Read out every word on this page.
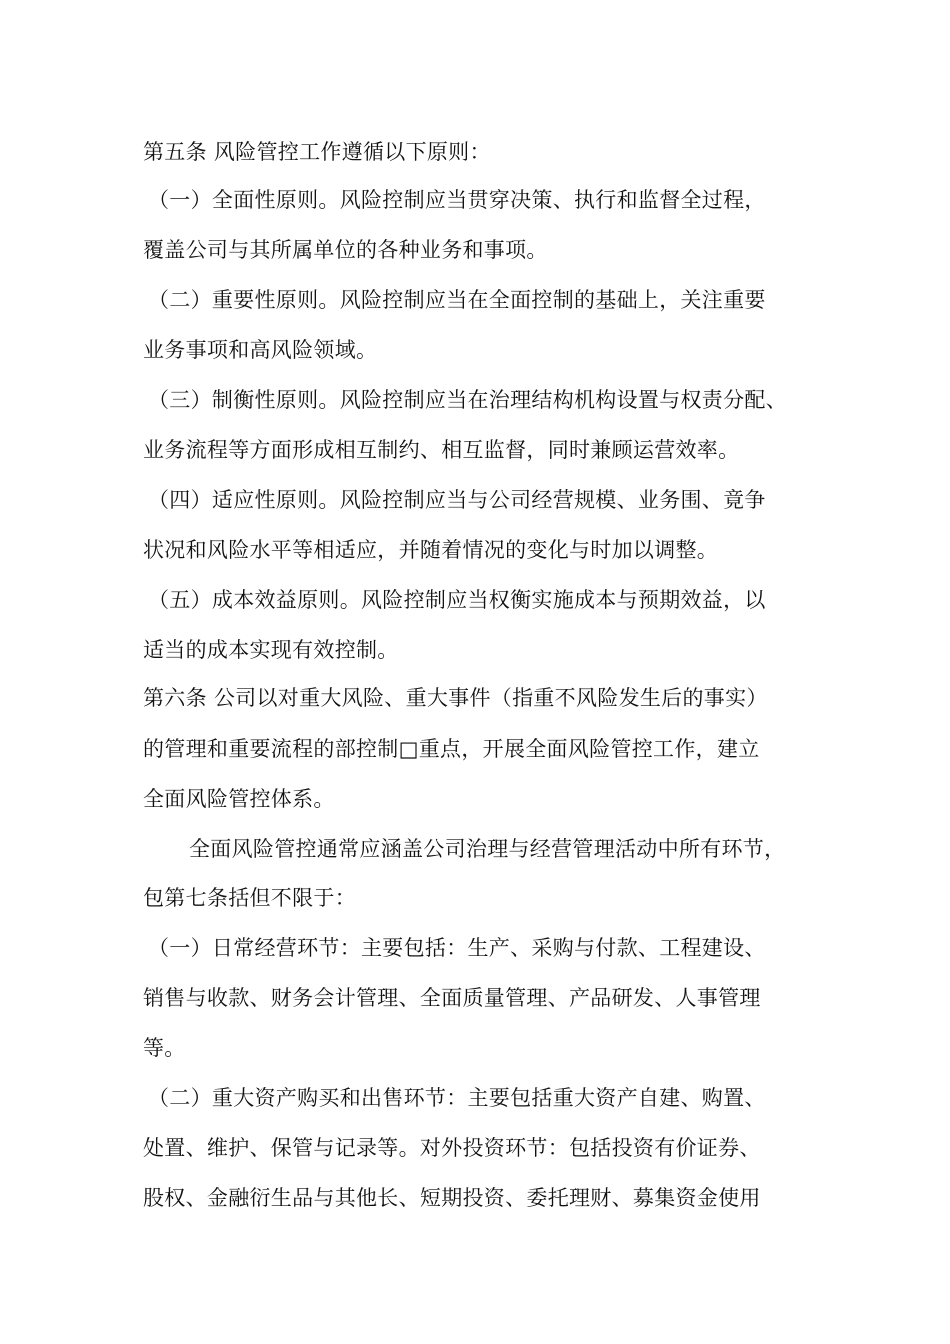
第五条 风险管控工作遵循以下原则：
（一）全面性原则。风险控制应当贯穿决策、执行和监督全过程，
覆盖公司与其所属单位的各种业务和事项。
（二）重要性原则。风险控制应当在全面控制的基础上，关注重要
业务事项和高风险领域。
（三）制衡性原则。风险控制应当在治理结构机构设置与权责分配、
业务流程等方面形成相互制约、相互监督，同时兼顾运营效率。
（四）适应性原则。风险控制应当与公司经营规模、业务围、竟争
状况和风险水平等相适应，并随着情况的变化与时加以调整。
（五）成本效益原则。风险控制应当权衡实施成本与预期效益，以
适当的成本实现有效控制。
第六条 公司以对重大风险、重大事件（指重不风险发生后的事实）
的管理和重要流程的部控制□重点，开展全面风险管控工作，建立
全面风险管控体系。
全面风险管控通常应涵盖公司治理与经营管理活动中所有环节，
包第七条括但不限于：
（一）日常经营环节：主要包括：生产、采购与付款、工程建设、
销售与收款、财务会计管理、全面质量管理、产品研发、人事管理
等。
（二）重大资产购买和出售环节：主要包括重大资产自建、购置、
处置、维护、保管与记录等。对外投资环节：包括投资有价证券、
股权、金融衍生品与其他长、短期投资、委托理财、募集资金使用
